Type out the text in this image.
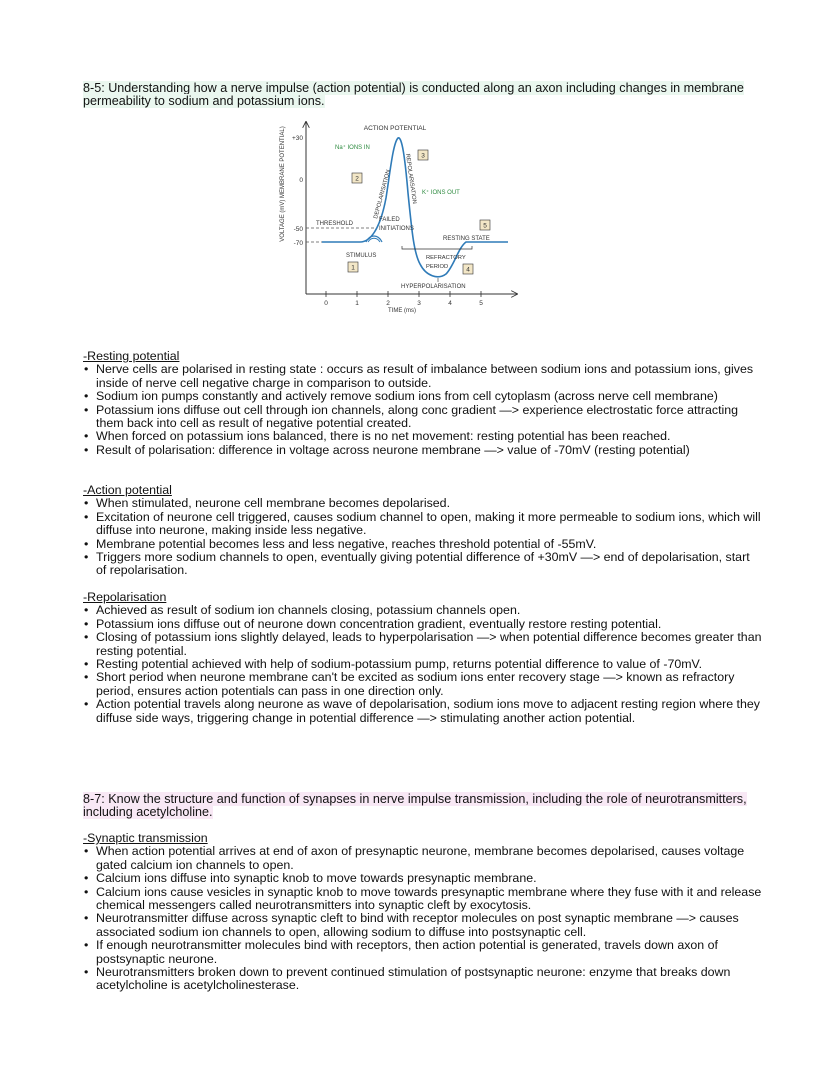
8-5: Understanding how a nerve impulse (action potential) is conducted along an axon including changes in membrane permeability to sodium and potassium ions.
+30
0
-50
-70
VOLTAGE (mV) MEMBRANE POTENTIAL)
0	1	2	3	4	5
TIME (ms)
ACTION POTENTIAL
Na⁺ IONS IN
K⁺ IONS OUT
DEPOLARISATION REPOLARISATION
THRESHOLD
FAILED
INITIATIONS
RESTING STATE
STIMULUS	REFRACTORY
PERIOD
HYPERPOLARISATION
1
2
3
4
5

-Resting potential

• Nerve cells are polarised in resting state : occurs as result of imbalance between sodium ions and potassium ions, gives inside of nerve cell negative charge in comparison to outside.
• Sodium ion pumps constantly and actively remove sodium ions from cell cytoplasm (across nerve cell membrane)
• Potassium ions diffuse out cell through ion channels, along conc gradient —> experience electrostatic force attracting them back into cell as result of negative potential created.
• When forced on potassium ions balanced, there is no net movement: resting potential has been reached.
• Result of polarisation: difference in voltage across neurone membrane —> value of -70mV (resting potential)

-Action potential

• When stimulated, neurone cell membrane becomes depolarised.
• Excitation of neurone cell triggered, causes sodium channel to open, making it more permeable to sodium ions, which will diffuse into neurone, making inside less negative.
• Membrane potential becomes less and less negative, reaches threshold potential of -55mV.
• Triggers more sodium channels to open, eventually giving potential difference of +30mV —> end of depolarisation, start of repolarisation.

-Repolarisation

• Achieved as result of sodium ion channels closing, potassium channels open.
• Potassium ions diffuse out of neurone down concentration gradient, eventually restore resting potential.
• Closing of potassium ions slightly delayed, leads to hyperpolarisation —> when potential difference becomes greater than resting potential.
• Resting potential achieved with help of sodium-potassium pump, returns potential difference to value of -70mV.
• Short period when neurone membrane can't be excited as sodium ions enter recovery stage —> known as refractory period, ensures action potentials can pass in one direction only.
• Action potential travels along neurone as wave of depolarisation, sodium ions move to adjacent resting region where they diffuse side ways, triggering change in potential difference —> stimulating another action potential.
8-7: Know the structure and function of synapses in nerve impulse transmission, including the role of neurotransmitters, including acetylcholine.

-Synaptic transmission

• When action potential arrives at end of axon of presynaptic neurone, membrane becomes depolarised, causes voltage gated calcium ion channels to open.
• Calcium ions diffuse into synaptic knob to move towards presynaptic membrane.
• Calcium ions cause vesicles in synaptic knob to move towards presynaptic membrane where they fuse with it and release chemical messengers called neurotransmitters into synaptic cleft by exocytosis.
• Neurotransmitter diffuse across synaptic cleft to bind with receptor molecules on post synaptic membrane —> causes associated sodium ion channels to open, allowing sodium to diffuse into postsynaptic cell.
• If enough neurotransmitter molecules bind with receptors, then action potential is generated, travels down axon of postsynaptic neurone.
• Neurotransmitters broken down to prevent continued stimulation of postsynaptic neurone: enzyme that breaks down acetylcholine is acetylcholinesterase.
